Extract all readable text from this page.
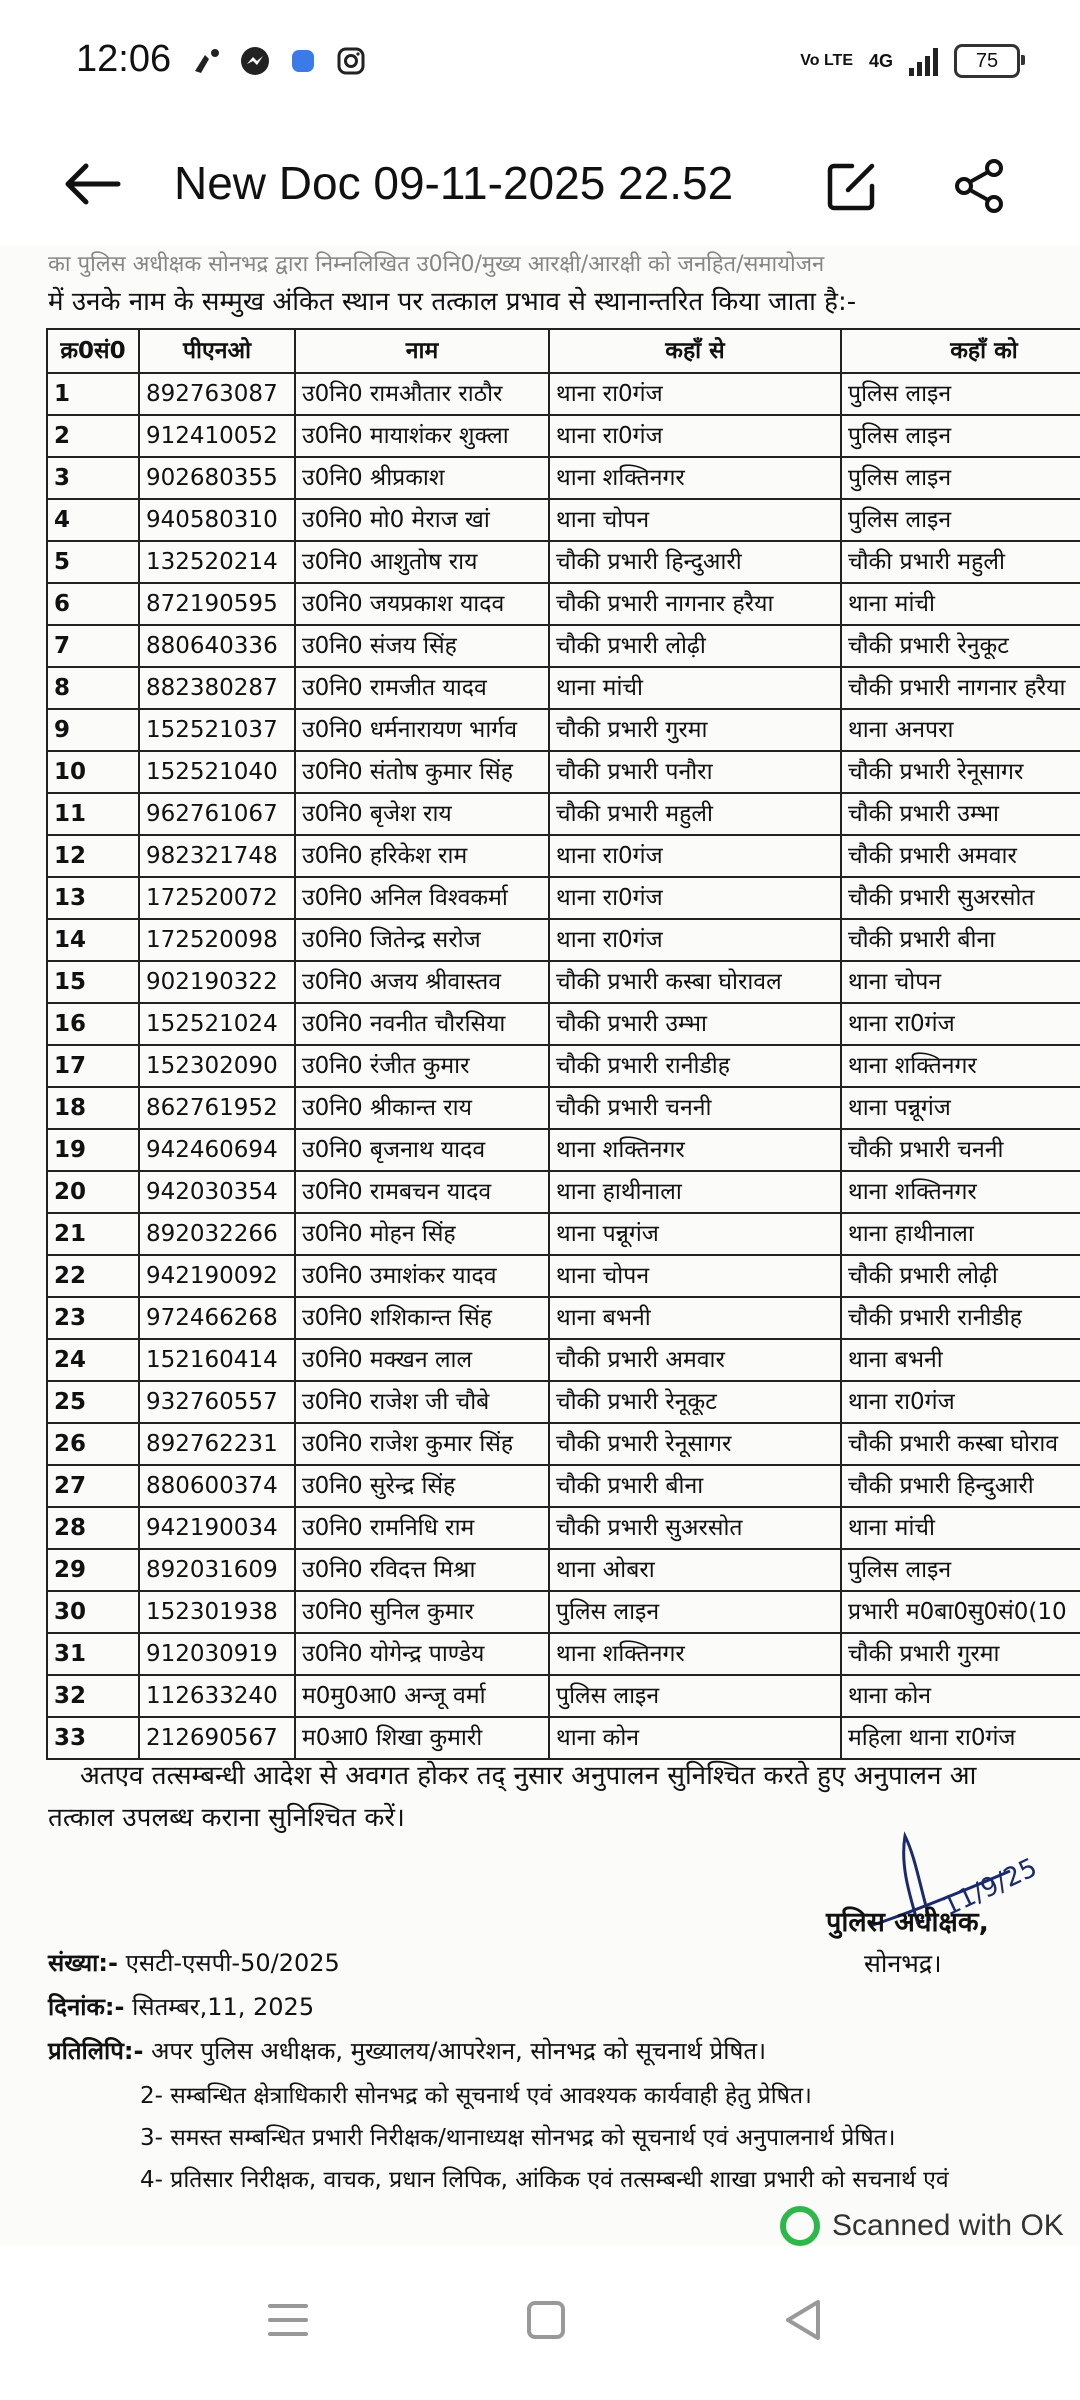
12:06	Vo LTE 4G	75
New Doc 09-11-2025 22.52
का पुलिस अधीक्षक सोनभद्र द्वारा निम्नलिखित उ0नि0/मुख्य आरक्षी/आरक्षी को जनहित/समायोजन
में उनके नाम के सम्मुख अंकित स्थान पर तत्काल प्रभाव से स्थानान्तरित किया जाता है:-
क्र0सं0	पीएनओ	नाम	कहाँ से	कहाँ को
1	892763087	उ0नि0 रामऔतार राठौर	थाना रा0गंज	पुलिस लाइन
2	912410052	उ0नि0 मायाशंकर शुक्ला	थाना रा0गंज	पुलिस लाइन
3	902680355	उ0नि0 श्रीप्रकाश	थाना शक्तिनगर	पुलिस लाइन
4	940580310	उ0नि0 मो0 मेराज खां	थाना चोपन	पुलिस लाइन
5	132520214	उ0नि0 आशुतोष राय	चौकी प्रभारी हिन्दुआरी	चौकी प्रभारी महुली
6	872190595	उ0नि0 जयप्रकाश यादव	चौकी प्रभारी नागनार हरैया	थाना मांची
7	880640336	उ0नि0 संजय सिंह	चौकी प्रभारी लोढ़ी	चौकी प्रभारी रेनुकूट
8	882380287	उ0नि0 रामजीत यादव	थाना मांची	चौकी प्रभारी नागनार हरैया
9	152521037	उ0नि0 धर्मनारायण भार्गव	चौकी प्रभारी गुरमा	थाना अनपरा
10	152521040	उ0नि0 संतोष कुमार सिंह	चौकी प्रभारी पनौरा	चौकी प्रभारी रेनूसागर
11	962761067	उ0नि0 बृजेश राय	चौकी प्रभारी महुली	चौकी प्रभारी उम्भा
12	982321748	उ0नि0 हरिकेश राम	थाना रा0गंज	चौकी प्रभारी अमवार
13	172520072	उ0नि0 अनिल विश्वकर्मा	थाना रा0गंज	चौकी प्रभारी सुअरसोत
14	172520098	उ0नि0 जितेन्द्र सरोज	थाना रा0गंज	चौकी प्रभारी बीना
15	902190322	उ0नि0 अजय श्रीवास्तव	चौकी प्रभारी कस्बा घोरावल	थाना चोपन
16	152521024	उ0नि0 नवनीत चौरसिया	चौकी प्रभारी उम्भा	थाना रा0गंज
17	152302090	उ0नि0 रंजीत कुमार	चौकी प्रभारी रानीडीह	थाना शक्तिनगर
18	862761952	उ0नि0 श्रीकान्त राय	चौकी प्रभारी चननी	थाना पन्नूगंज
19	942460694	उ0नि0 बृजनाथ यादव	थाना शक्तिनगर	चौकी प्रभारी चननी
20	942030354	उ0नि0 रामबचन यादव	थाना हाथीनाला	थाना शक्तिनगर
21	892032266	उ0नि0 मोहन सिंह	थाना पन्नूगंज	थाना हाथीनाला
22	942190092	उ0नि0 उमाशंकर यादव	थाना चोपन	चौकी प्रभारी लोढ़ी
23	972466268	उ0नि0 शशिकान्त सिंह	थाना बभनी	चौकी प्रभारी रानीडीह
24	152160414	उ0नि0 मक्खन लाल	चौकी प्रभारी अमवार	थाना बभनी
25	932760557	उ0नि0 राजेश जी चौबे	चौकी प्रभारी रेनूकूट	थाना रा0गंज
26	892762231	उ0नि0 राजेश कुमार सिंह	चौकी प्रभारी रेनूसागर	चौकी प्रभारी कस्बा घोराव
27	880600374	उ0नि0 सुरेन्द्र सिंह	चौकी प्रभारी बीना	चौकी प्रभारी हिन्दुआरी
28	942190034	उ0नि0 रामनिधि राम	चौकी प्रभारी सुअरसोत	थाना मांची
29	892031609	उ0नि0 रविदत्त मिश्रा	थाना ओबरा	पुलिस लाइन
30	152301938	उ0नि0 सुनिल कुमार	पुलिस लाइन	प्रभारी म0बा0सु0सं0(10
31	912030919	उ0नि0 योगेन्द्र पाण्डेय	थाना शक्तिनगर	चौकी प्रभारी गुरमा
32	112633240	म0मु0आ0 अन्जू वर्मा	पुलिस लाइन	थाना कोन
33	212690567	म0आ0 शिखा कुमारी	थाना कोन	महिला थाना रा0गंज
अतएव तत्सम्बन्धी आदेश से अवगत होकर तद् नुसार अनुपालन सुनिश्चित करते हुए अनुपालन आ
तत्काल उपलब्ध कराना सुनिश्चित करें।
11/9/25
पुलिस अधीक्षक,
सोनभद्र।
संख्या:- एसटी-एसपी-50/2025
दिनांक:- सितम्बर,11, 2025
प्रतिलिपि:- अपर पुलिस अधीक्षक, मुख्यालय/आपरेशन, सोनभद्र को सूचनार्थ प्रेषित।
2- सम्बन्धित क्षेत्राधिकारी सोनभद्र को सूचनार्थ एवं आवश्यक कार्यवाही हेतु प्रेषित।
3- समस्त सम्बन्धित प्रभारी निरीक्षक/थानाध्यक्ष सोनभद्र को सूचनार्थ एवं अनुपालनार्थ प्रेषित।
4- प्रतिसार निरीक्षक, वाचक, प्रधान लिपिक, आंकिक एवं तत्सम्बन्धी शाखा प्रभारी को सचनार्थ एवं
Scanned with OK
